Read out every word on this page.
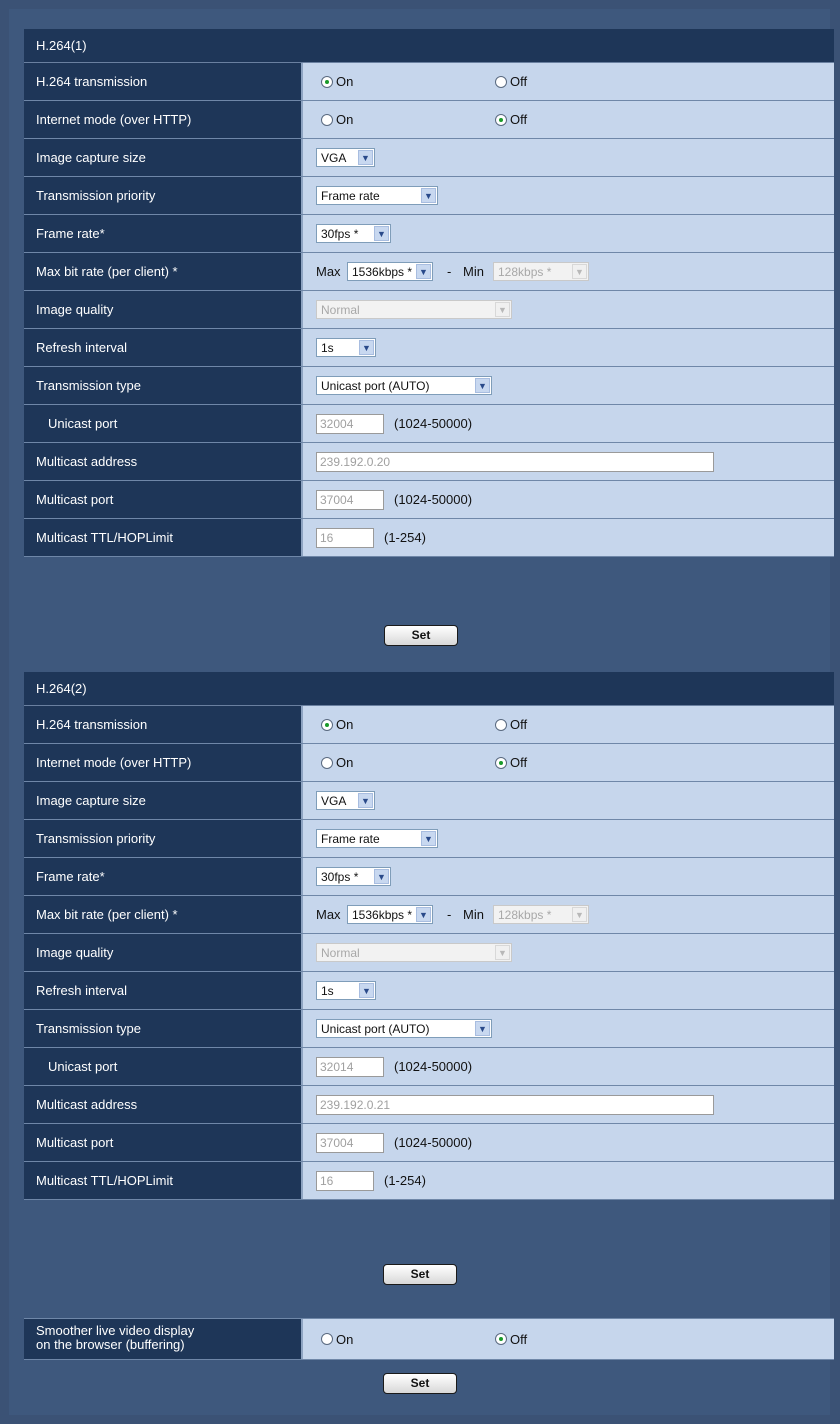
H.264(1)
H.264 transmission	On	Off
Internet mode (over HTTP)	On	Off
Image capture size	VGA	▼
Transmission priority	Frame rate	▼
Frame rate*	30fps *	▼
Max bit rate (per client) *	Max 1536kbps * ▼ - Min	128kbps *	▼
Image quality	Normal	▼
Refresh interval	1s	▼
Transmission type	Unicast port (AUTO)	▼
Unicast port	32004	(1024-50000)
Multicast address	239.192.0.20
Multicast port	37004	(1024-50000)
Multicast TTL/HOPLimit	16	(1-254)
Set
H.264(2)
H.264 transmission	On	Off
Internet mode (over HTTP)	On	Off
Image capture size	VGA	▼
Transmission priority	Frame rate	▼
Frame rate*	30fps *	▼
Max bit rate (per client) *	Max 1536kbps * ▼ - Min	128kbps *	▼
Image quality	Normal	▼
Refresh interval	1s	▼
Transmission type	Unicast port (AUTO)	▼
Unicast port	32014	(1024-50000)
Multicast address	239.192.0.21
Multicast port	37004	(1024-50000)
Multicast TTL/HOPLimit	16	(1-254)
Set
Smoother live video display
on the browser (buffering)	On	Off
Set
